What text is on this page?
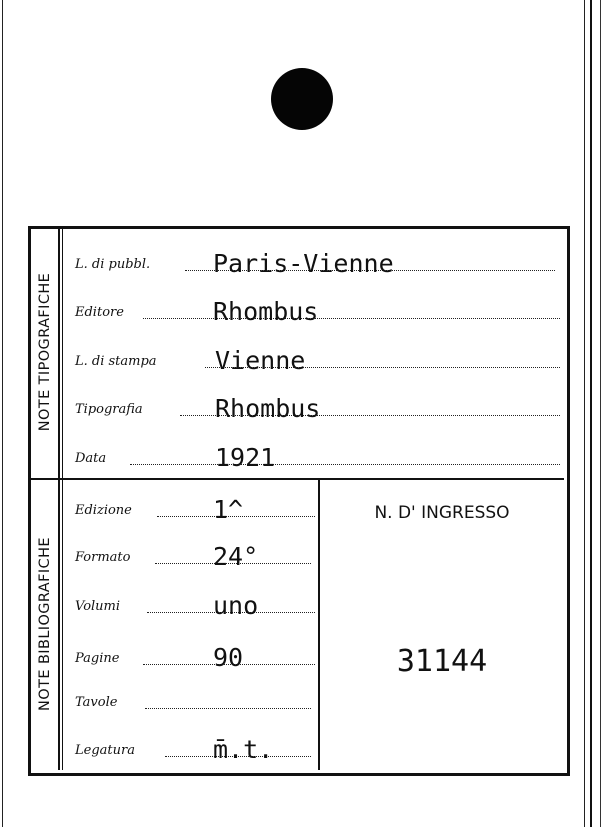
NOTE TIPOGRAFICHE
NOTE BIBLIOGRAFICHE
L. di pubbl.	Paris-Vienne
Editore	Rhombus
L. di stampa Vienne
Tipografia	Rhombus
Data	1921
Edizione	1^
Formato	24°
Volumi	uno
Pagine	90
Tavole
Legatura	m̄.t.
N. D' INGRESSO
31144
